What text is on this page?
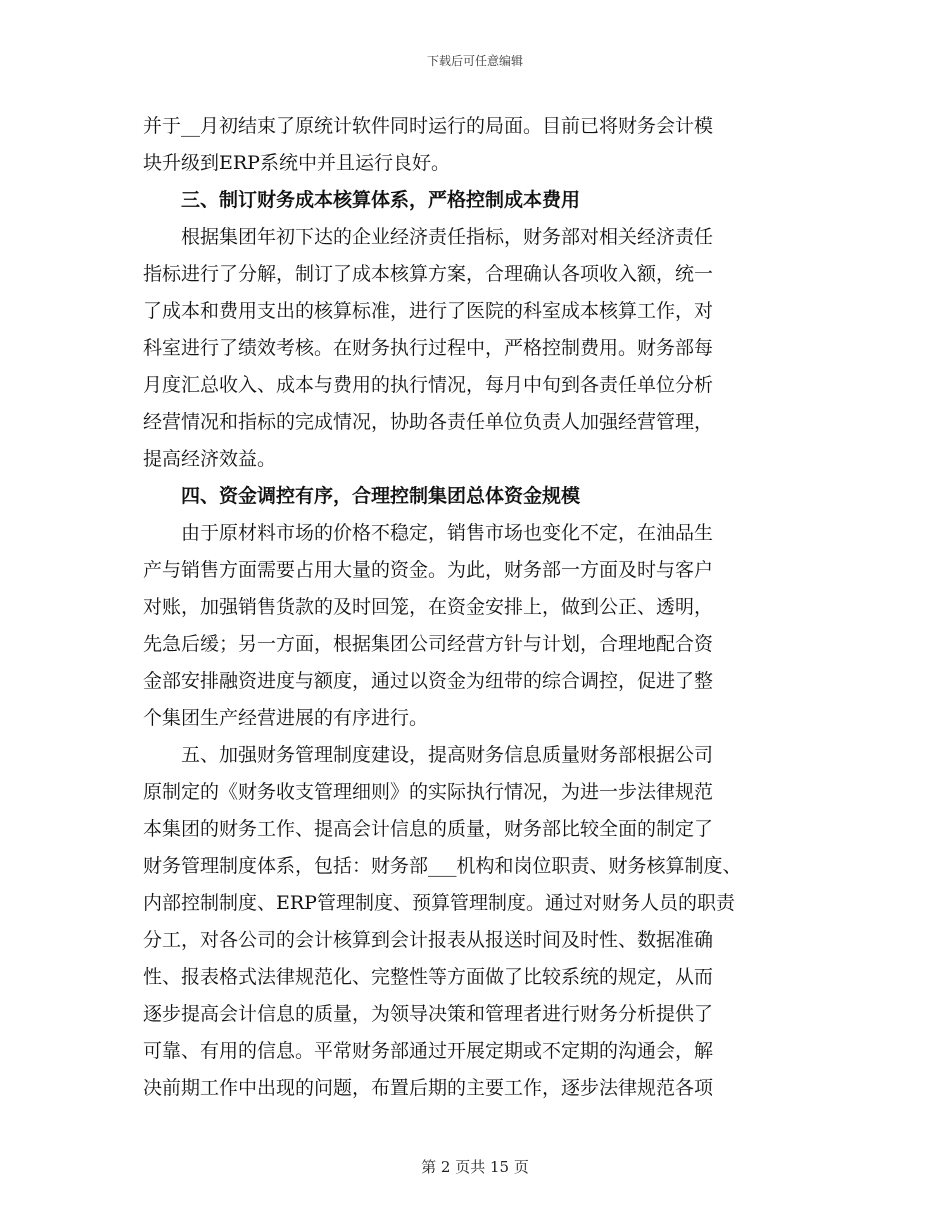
下载后可任意编辑
并于__月初结束了原统计软件同时运行的局面。目前已将财务会计模
块升级到ERP系统中并且运行良好。
　　三、制订财务成本核算体系，严格控制成本费用
　　根据集团年初下达的企业经济责任指标，财务部对相关经济责任
指标进行了分解，制订了成本核算方案，合理确认各项收入额，统一
了成本和费用支出的核算标准，进行了医院的科室成本核算工作，对
科室进行了绩效考核。在财务执行过程中，严格控制费用。财务部每
月度汇总收入、成本与费用的执行情况，每月中旬到各责任单位分析
经营情况和指标的完成情况，协助各责任单位负责人加强经营管理，
提高经济效益。
　　四、资金调控有序，合理控制集团总体资金规模
　　由于原材料市场的价格不稳定，销售市场也变化不定，在油品生
产与销售方面需要占用大量的资金。为此，财务部一方面及时与客户
对账，加强销售货款的及时回笼，在资金安排上，做到公正、透明，
先急后缓；另一方面，根据集团公司经营方针与计划，合理地配合资
金部安排融资进度与额度，通过以资金为纽带的综合调控，促进了整
个集团生产经营进展的有序进行。
　　五、加强财务管理制度建设，提高财务信息质量财务部根据公司
原制定的《财务收支管理细则》的实际执行情况，为进一步法律规范
本集团的财务工作、提高会计信息的质量，财务部比较全面的制定了
财务管理制度体系，包括：财务部___机构和岗位职责、财务核算制度、
内部控制制度、ERP管理制度、预算管理制度。通过对财务人员的职责
分工，对各公司的会计核算到会计报表从报送时间及时性、数据准确
性、报表格式法律规范化、完整性等方面做了比较系统的规定，从而
逐步提高会计信息的质量，为领导决策和管理者进行财务分析提供了
可靠、有用的信息。平常财务部通过开展定期或不定期的沟通会，解
决前期工作中出现的问题，布置后期的主要工作，逐步法律规范各项
第 2 页共 15 页
